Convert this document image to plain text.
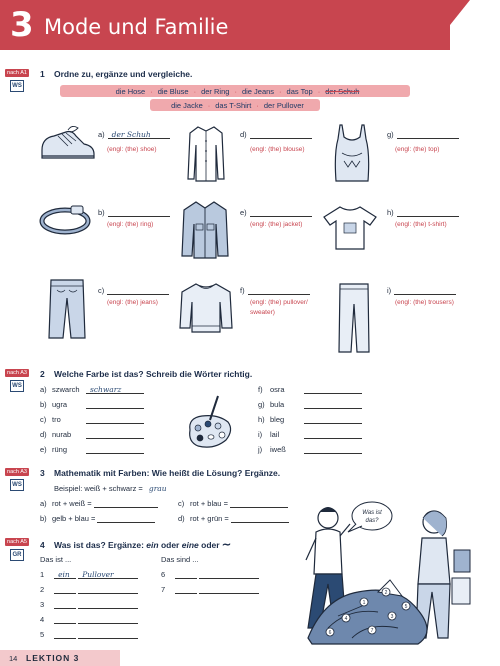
3 Mode und Familie
nach A1
WS
1 Ordne zu, ergänze und vergleiche.
die Hose · die Bluse · der Ring · die Jeans · das Top · der Schuh
die Jacke · das T-Shirt · der Pullover
a) der Schuh
(engl: (the) shoe)
b)
(engl: (the) ring)
c)
(engl: (the) jeans)
d)
(engl: (the) blouse)
e)
(engl: (the) jacket)
f)
(engl: (the) pullover/
sweater)
g)
(engl: (the) top)
h)
(engl: (the) t-shirt)
i)
(engl: (the) trousers)
nach A3
WS
2 Welche Farbe ist das? Schreib die Wörter richtig.
a) szwarch schwarz
b) ugra
c) tro
d) nurab
e) rüng
f) osra
g) bula
h) bleg
i) lail
j) iweß
nach A3
WS
3 Mathematik mit Farben: Wie heißt die Lösung? Ergänze.
Beispiel: weiß + schwarz = grau
a) rot + weiß =
b) gelb + blau =
c) rot + blau =
d) rot + grün =
nach A5
GR
4 Was ist das? Ergänze: ein oder eine oder ∼
Das ist ...	Das sind ...
1 ein Pullover
2
3
4
5
6
7
Was ist
das?
1
2
3
4
5
6	7
14 LEKTION 3
